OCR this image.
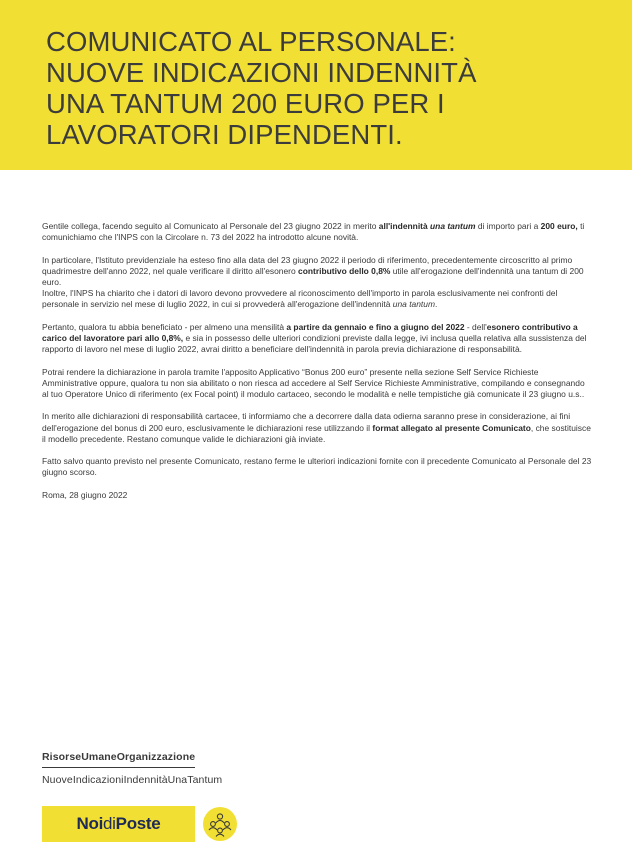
COMUNICATO AL PERSONALE:
NUOVE INDICAZIONI INDENNITÀ
UNA TANTUM 200 EURO PER I
LAVORATORI DIPENDENTI.

Gentile collega, facendo seguito al Comunicato al Personale del 23 giugno 2022 in merito all'indennità una tantum di importo pari a 200 euro, ti comunichiamo che l'INPS con la Circolare n. 73 del 2022 ha introdotto alcune novità.

In particolare, l'Istituto previdenziale ha esteso fino alla data del 23 giugno 2022 il periodo di riferimento, precedentemente circoscritto al primo quadrimestre dell'anno 2022, nel quale verificare il diritto all'esonero contributivo dello 0,8% utile all'erogazione dell'indennità una tantum di 200 euro.

Inoltre, l'INPS ha chiarito che i datori di lavoro devono provvedere al riconoscimento dell'importo in parola esclusivamente nei confronti del personale in servizio nel mese di luglio 2022, in cui si provvederà all'erogazione dell'indennità una tantum.

Pertanto, qualora tu abbia beneficiato - per almeno una mensilità a partire da gennaio e fino a giugno del 2022 - dell'esonero contributivo a carico del lavoratore pari allo 0,8%, e sia in possesso delle ulteriori condizioni previste dalla legge, ivi inclusa quella relativa alla sussistenza del rapporto di lavoro nel mese di luglio 2022, avrai diritto a beneficiare dell'indennità in parola previa dichiarazione di responsabilità.

Potrai rendere la dichiarazione in parola tramite l'apposito Applicativo “Bonus 200 euro” presente nella sezione Self Service Richieste Amministrative oppure, qualora tu non sia abilitato o non riesca ad accedere al Self Service Richieste Amministrative, compilando e consegnando al tuo Operatore Unico di riferimento (ex Focal point) il modulo cartaceo, secondo le modalità e nelle tempistiche già comunicate il 23 giugno u.s..

In merito alle dichiarazioni di responsabilità cartacee, ti informiamo che a decorrere dalla data odierna saranno prese in considerazione, ai fini dell'erogazione del bonus di 200 euro, esclusivamente le dichiarazioni rese utilizzando il format allegato al presente Comunicato, che sostituisce il modello precedente. Restano comunque valide le dichiarazioni già inviate.

Fatto salvo quanto previsto nel presente Comunicato, restano ferme le ulteriori indicazioni fornite con il precedente Comunicato al Personale del 23 giugno scorso.

Roma, 28 giugno 2022

RisorseUmaneOrganizzazione
NuoveIndicazioniIndennitàUnaTantum
Noi di Poste
